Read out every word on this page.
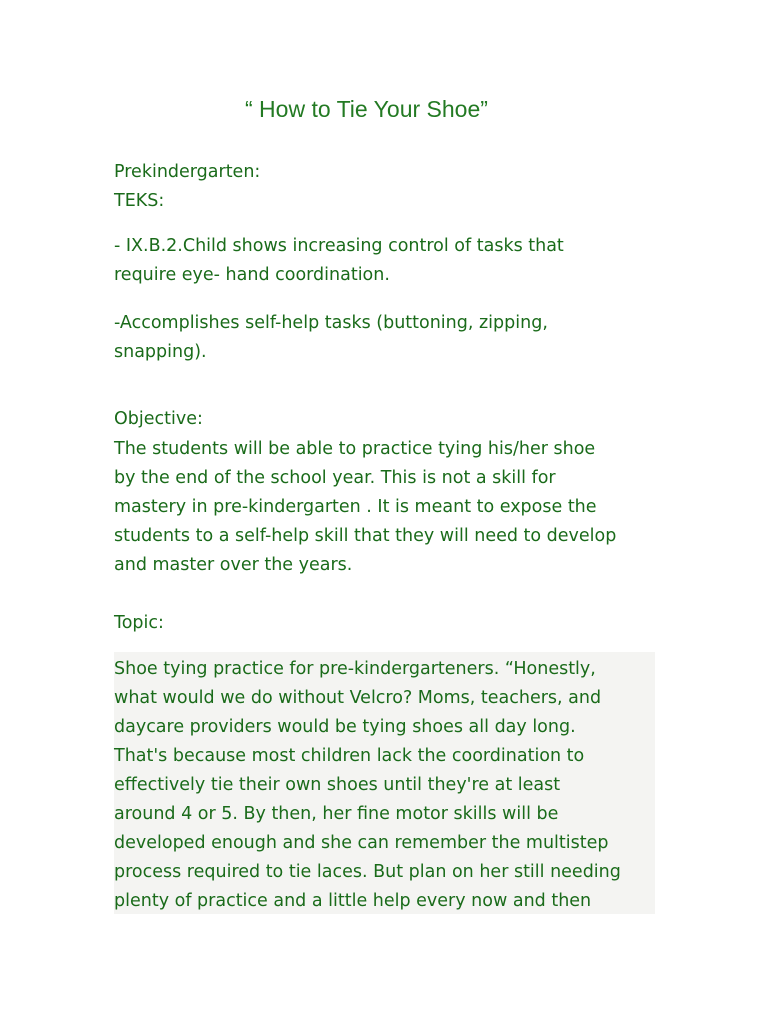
“ How to Tie Your Shoe”
Prekindergarten:
TEKS:
- IX.B.2.Child shows increasing control of tasks that
require eye- hand coordination.
-Accomplishes self-help tasks (buttoning, zipping,
snapping).
Objective:
The students will be able to practice tying his/her shoe
by the end of the school year. This is not a skill for
mastery in pre-kindergarten . It is meant to expose the
students to a self-help skill that they will need to develop
and master over the years.
Topic:
Shoe tying practice for pre-kindergarteners. “Honestly,
what would we do without Velcro? Moms, teachers, and
daycare providers would be tying shoes all day long.
That's because most children lack the coordination to
effectively tie their own shoes until they're at least
around 4 or 5. By then, her fine motor skills will be
developed enough and she can remember the multistep
process required to tie laces. But plan on her still needing
plenty of practice and a little help every now and then
